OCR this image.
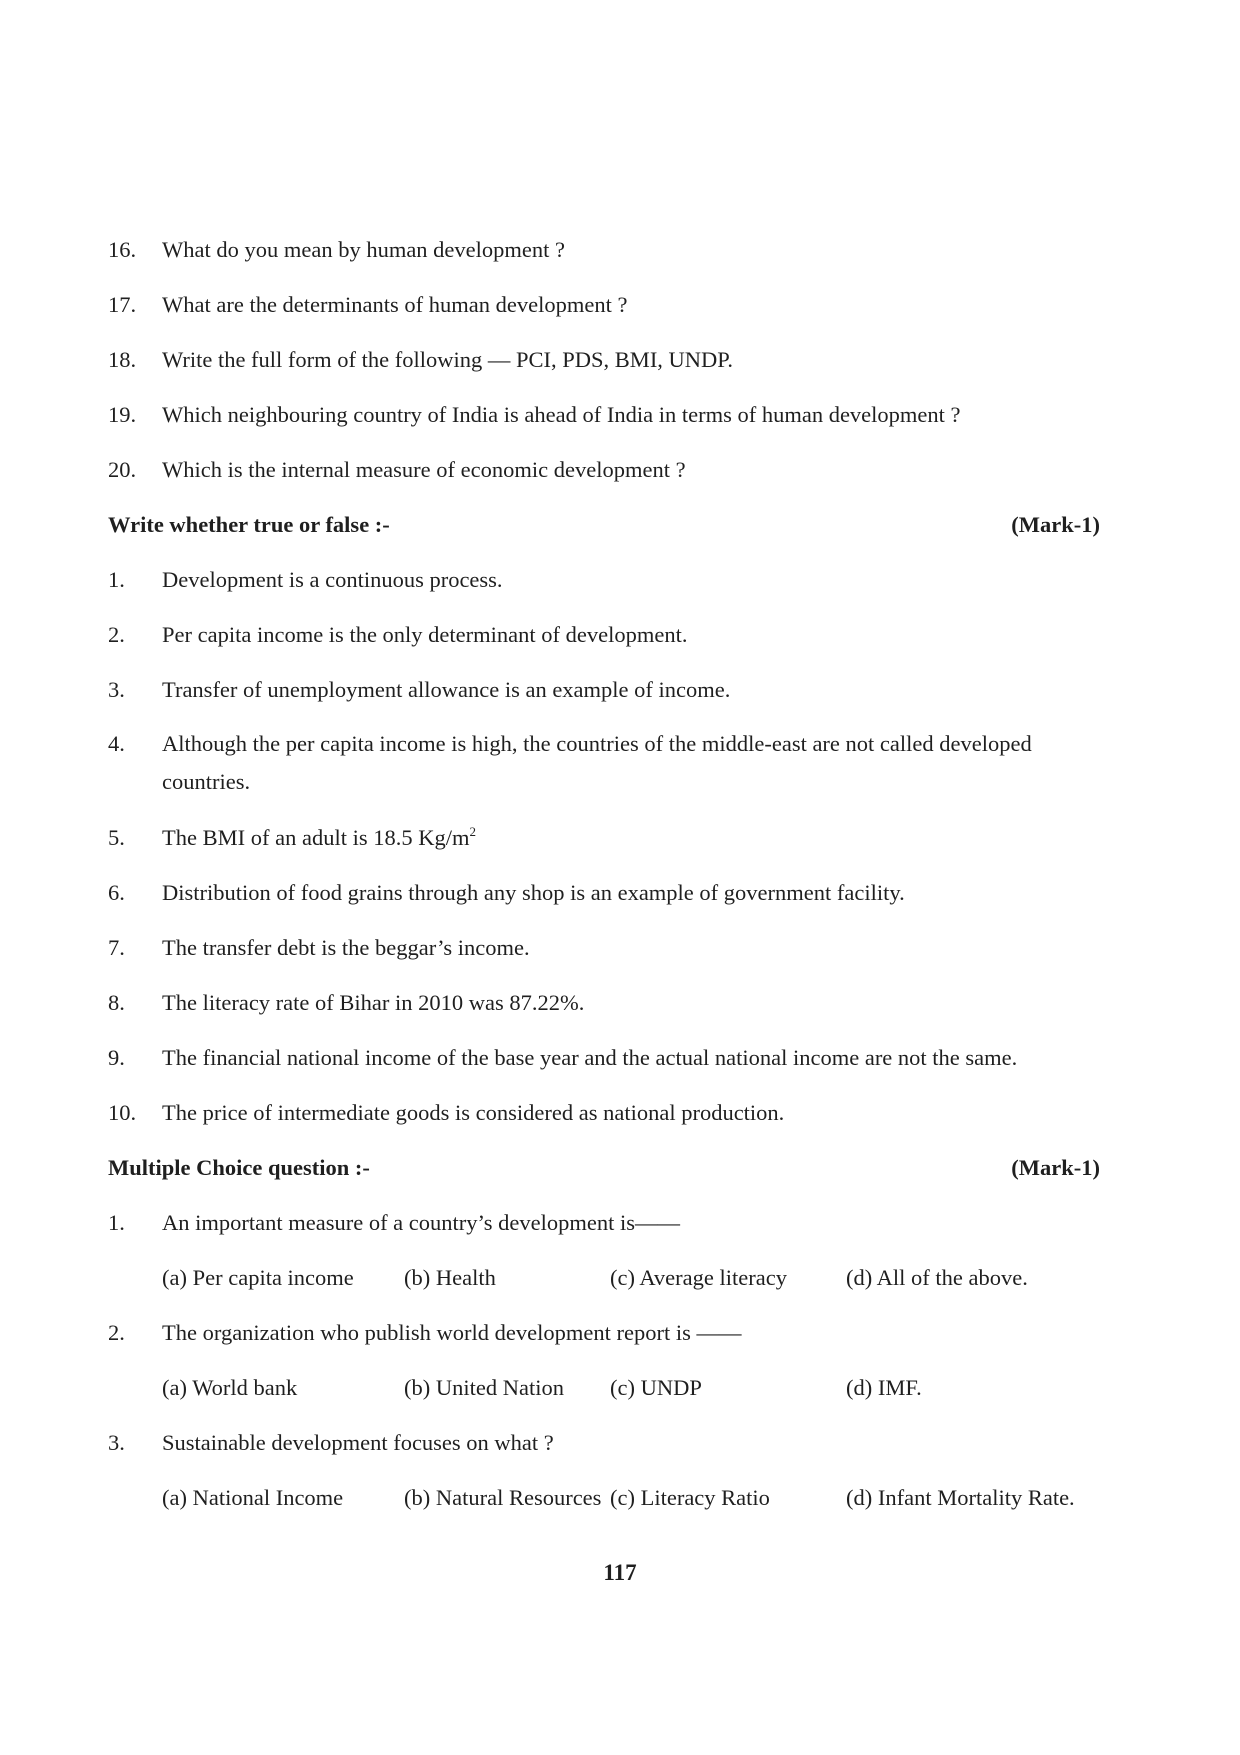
16.	What do you mean by human development ?
17.	What are the determinants of human development ?
18.	Write the full form of the following — PCI, PDS, BMI, UNDP.
19.	Which neighbouring country of India is ahead of India in terms of human development ?
20.	Which is the internal measure of economic development ?
Write whether true or false :-	(Mark-1)
1.	Development is a continuous process.
2.	Per capita income is the only determinant of development.
3.	Transfer of unemployment allowance is an example of income.
4.	Although the per capita income is high, the countries of the middle-east are not called developed countries.
5.	The BMI of an adult is 18.5 $Kg/m^2$
6.	Distribution of food grains through any shop is an example of government facility.
7.	The transfer debt is the beggar’s income.
8.	The literacy rate of Bihar in 2010 was 87.22%.
9.	The financial national income of the base year and the actual national income are not the same.
10.	The price of intermediate goods is considered as national production.
Multiple Choice question :-	(Mark-1)
1.	An important measure of a country’s development is——
(a) Per capita income	(b) Health	(c) Average literacy	(d) All of the above.
2.	The organization who publish world development report is ——
(a) World bank	(b) United Nation	(c) UNDP	(d) IMF.
3.	Sustainable development focuses on what ?
(a) National Income	(b) Natural Resources (c) Literacy Ratio	(d) Infant Mortality Rate.
117
